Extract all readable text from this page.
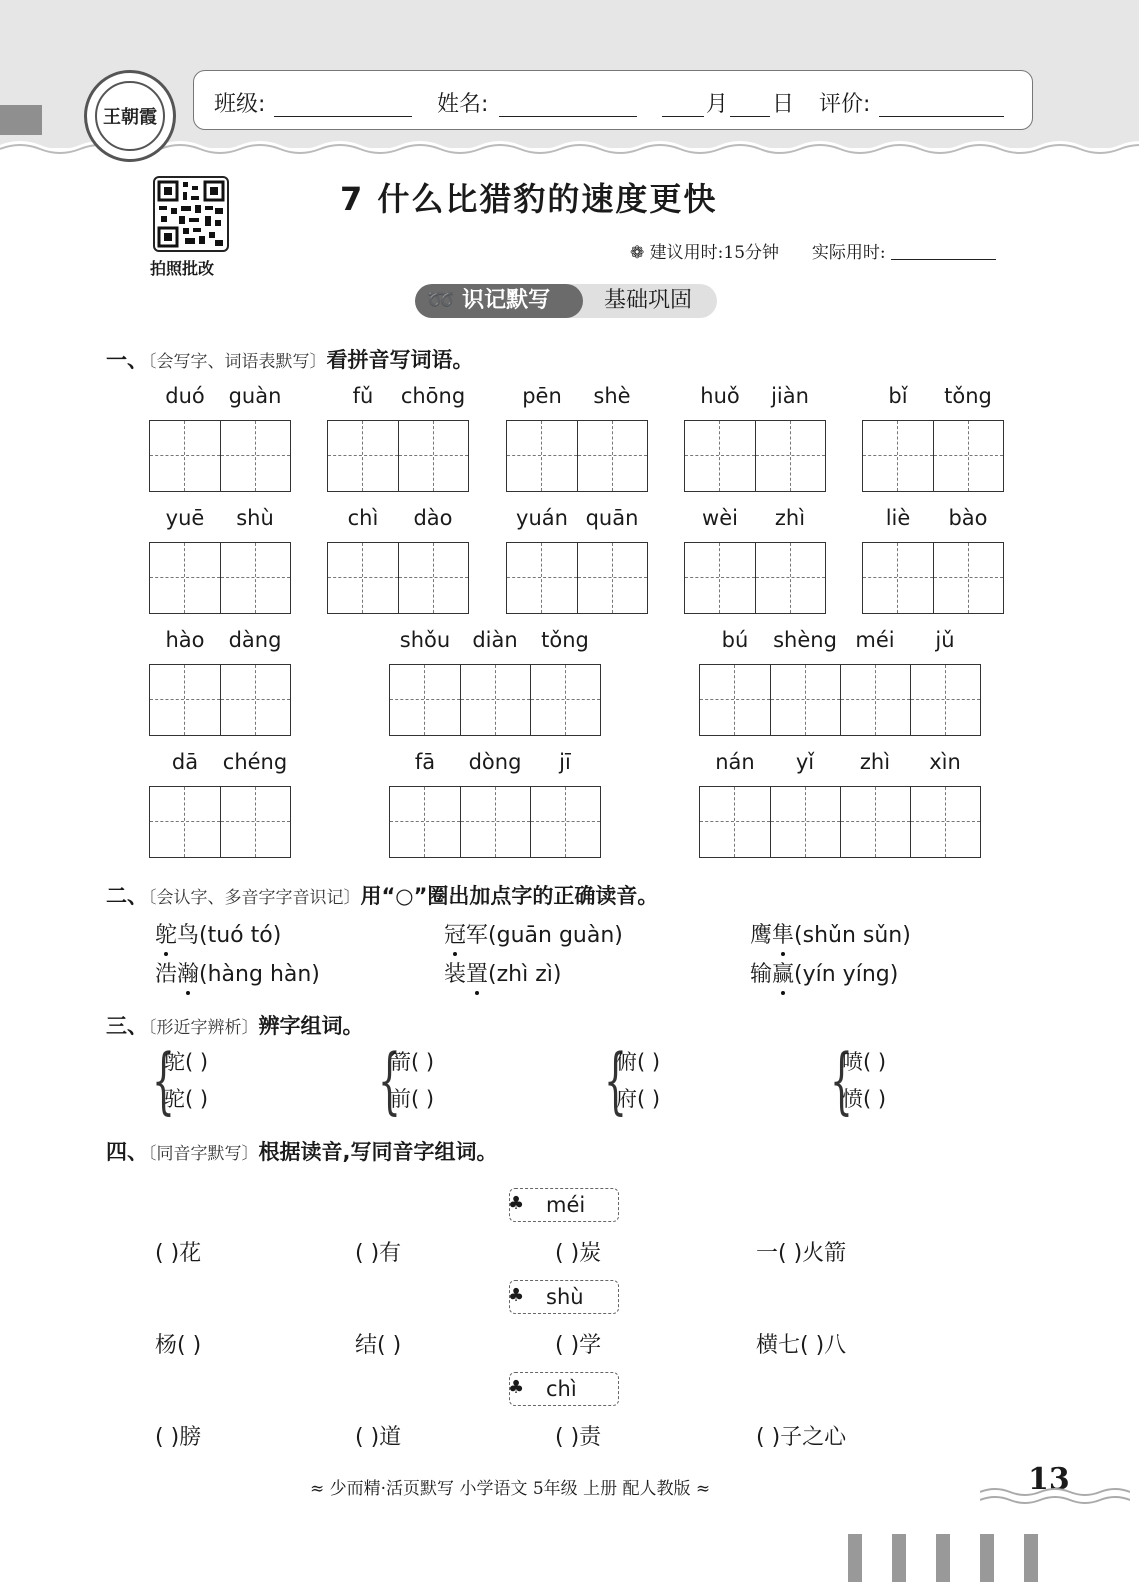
王朝霞
班级:	姓名:	月 日 评价:
拍照批改
7 什么比猎豹的速度更快
❁ 建议用时:15分钟 实际用时:
基础巩固
➿ 识记默写
一、〔会写字、词语表默写〕看拼音写词语。
duó guàn	fǔ chōng	pēn shè	huǒ jiàn	bǐ tǒng
yuē shù	chì dào	yuán quān	wèi zhì	liè bào
hào dàng	shǒu diàn tǒng	bú shèng méi jǔ
dā chéng	fā dòng jī	nán yǐ zhì xìn
二、〔会认字、多音字字音识记〕用“○”圈出加点字的正确读音。
鸵鸟(tuó tó)	冠军(guān guàn)	鹰隼(shǔn sǔn)
浩瀚(hàng hàn)	装置(zhì zì)	输赢(yín yíng)
三、〔形近字辨析〕辨字组词。
{
鸵( )
驼( ) {
箭( )
前( ) {
俯( )
府( ) {
喷( )
愤( )
四、〔同音字默写〕根据读音,写同音字组词。
♣ méi
( )花	( )有	( )炭	一( )火箭
♣ shù
杨( )	结( )	( )学	横七( )八
♣ chì
( )膀	( )道	( )责	( )子之心
≈ 少而精·活页默写 小学语文 5年级 上册 配人教版 ≈	13
